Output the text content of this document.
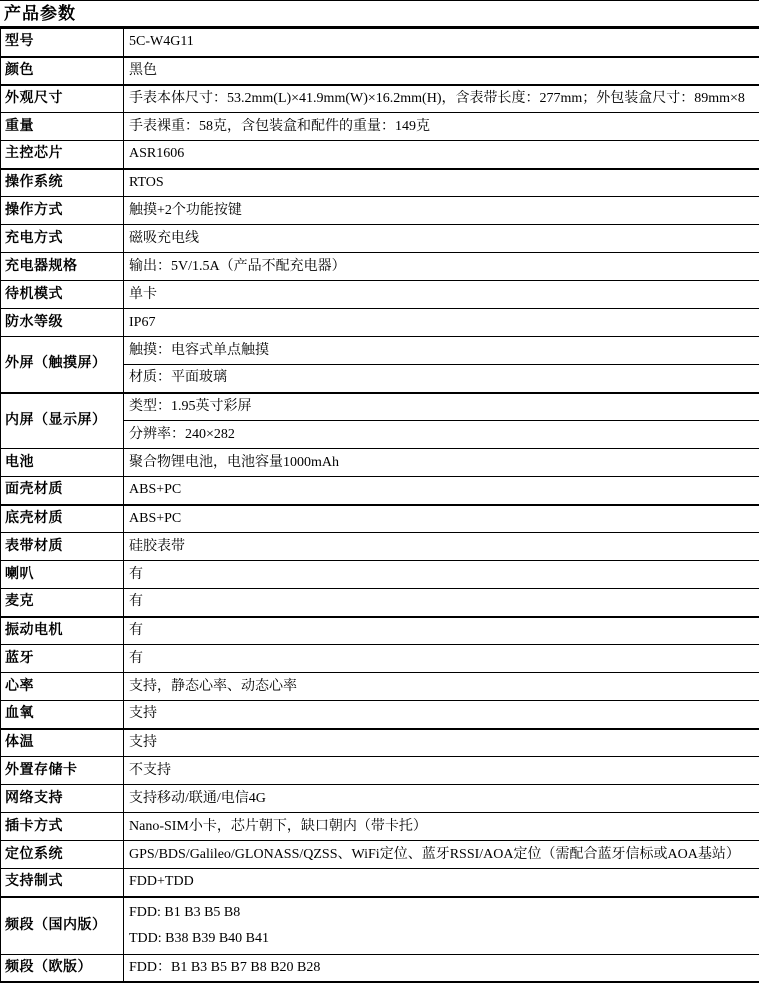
产品参数
型号	5C-W4G11
颜色	黑色
外观尺寸	手表本体尺寸：53.2mm(L)×41.9mm(W)×16.2mm(H)，含表带长度：277mm；外包装盒尺寸：89mm×8
重量	手表裸重：58克，含包装盒和配件的重量：149克
主控芯片	ASR1606
操作系统	RTOS
操作方式	触摸+2个功能按键
充电方式	磁吸充电线
充电器规格	输出：5V/1.5A（产品不配充电器）
待机模式	单卡
防水等级	IP67
外屏（触摸屏）	触摸：电容式单点触摸
	材质：平面玻璃
内屏（显示屏）	类型：1.95英寸彩屏
	分辨率：240×282
电池	聚合物锂电池，电池容量1000mAh
面壳材质	ABS+PC
底壳材质	ABS+PC
表带材质	硅胶表带
喇叭	有
麦克	有
振动电机	有
蓝牙	有
心率	支持，静态心率、动态心率
血氧	支持
体温	支持
外置存储卡	不支持
网络支持	支持移动/联通/电信4G
插卡方式	Nano-SIM小卡，芯片朝下，缺口朝内（带卡托）
定位系统	GPS/BDS/Galileo/GLONASS/QZSS、WiFi定位、蓝牙RSSI/AOA定位（需配合蓝牙信标或AOA基站）
支持制式	FDD+TDD
频段（国内版）	FDD: B1 B3 B5 B8
TDD: B38 B39 B40 B41

频段（欧版）	FDD：B1 B3 B5 B7 B8 B20 B28
